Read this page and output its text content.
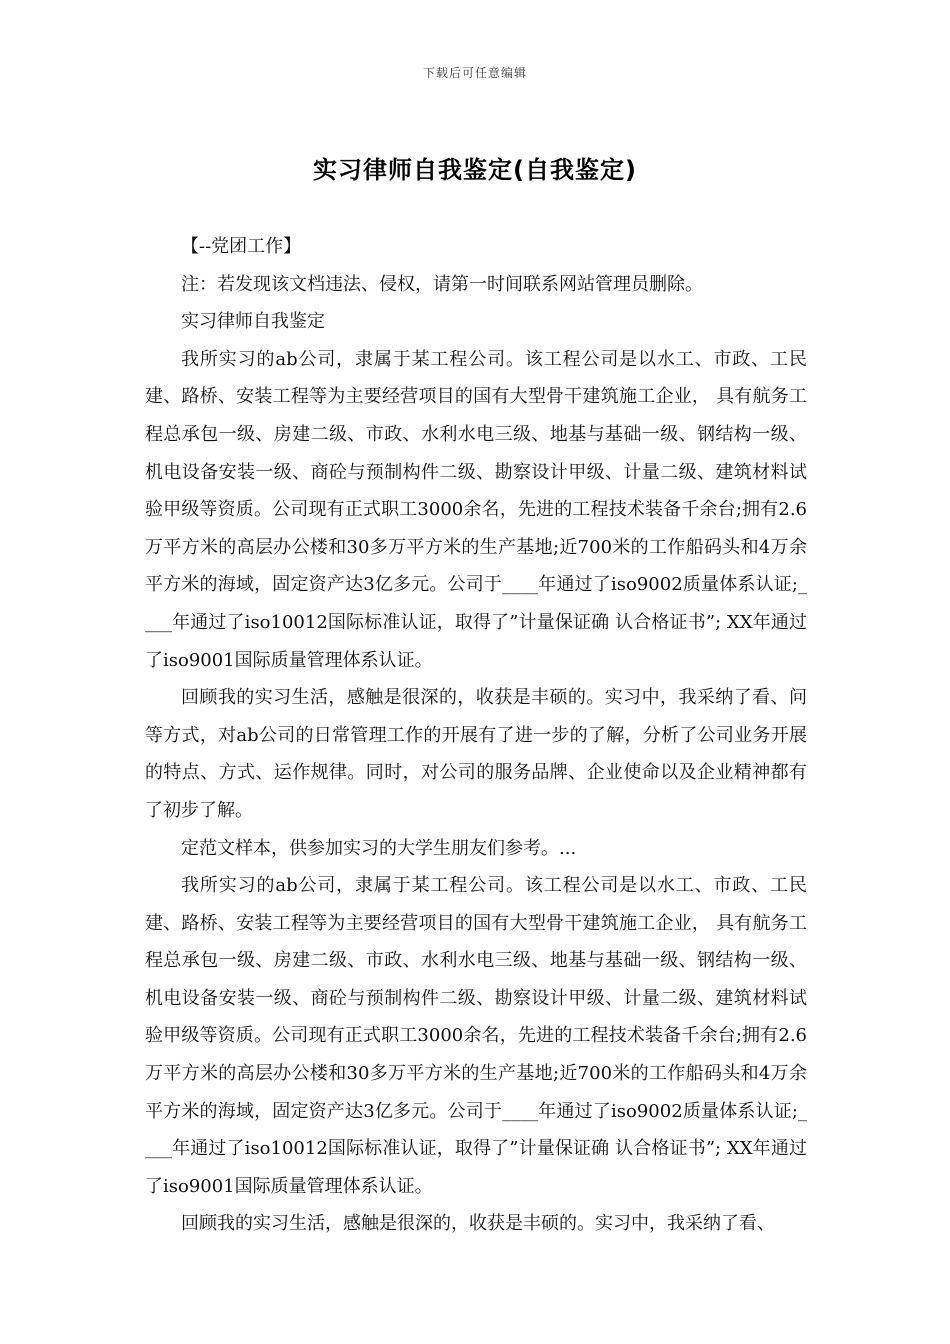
下载后可任意编辑
实习律师自我鉴定(自我鉴定)

【--党团工作】

注：若发现该文档违法、侵权，请第一时间联系网站管理员删除。

实习律师自我鉴定

我所实习的ab公司，隶属于某工程公司。该工程公司是以水工、市政、工民建、路桥、安装工程等为主要经营项目的国有大型骨干建筑施工企业， 具有航务工程总承包一级、房建二级、市政、水利水电三级、地基与基础一级、钢结构一级、机电设备安装一级、商砼与预制构件二级、勘察设计甲级、计量二级、建筑材料试验甲级等资质。公司现有正式职工3000余名，先进的工程技术装备千余台;拥有2.6万平方米的高层办公楼和30多万平方米的生产基地;近700米的工作船码头和4万余平方米的海域，固定资产达3亿多元。公司于____年通过了iso9002质量体系认证;____年通过了iso10012国际标准认证，取得了”计量保证确 认合格证书”; XX年通过了iso9001国际质量管理体系认证。

回顾我的实习生活，感触是很深的，收获是丰硕的。实习中，我采纳了看、问等方式，对ab公司的日常管理工作的开展有了进一步的了解，分析了公司业务开展的特点、方式、运作规律。同时，对公司的服务品牌、企业使命以及企业精神都有了初步了解。

定范文样本，供参加实习的大学生朋友们参考。...

我所实习的ab公司，隶属于某工程公司。该工程公司是以水工、市政、工民建、路桥、安装工程等为主要经营项目的国有大型骨干建筑施工企业， 具有航务工程总承包一级、房建二级、市政、水利水电三级、地基与基础一级、钢结构一级、机电设备安装一级、商砼与预制构件二级、勘察设计甲级、计量二级、建筑材料试验甲级等资质。公司现有正式职工3000余名，先进的工程技术装备千余台;拥有2.6万平方米的高层办公楼和30多万平方米的生产基地;近700米的工作船码头和4万余平方米的海域，固定资产达3亿多元。公司于____年通过了iso9002质量体系认证;____年通过了iso10012国际标准认证，取得了”计量保证确 认合格证书”; XX年通过了iso9001国际质量管理体系认证。

回顾我的实习生活，感触是很深的，收获是丰硕的。实习中，我采纳了看、
